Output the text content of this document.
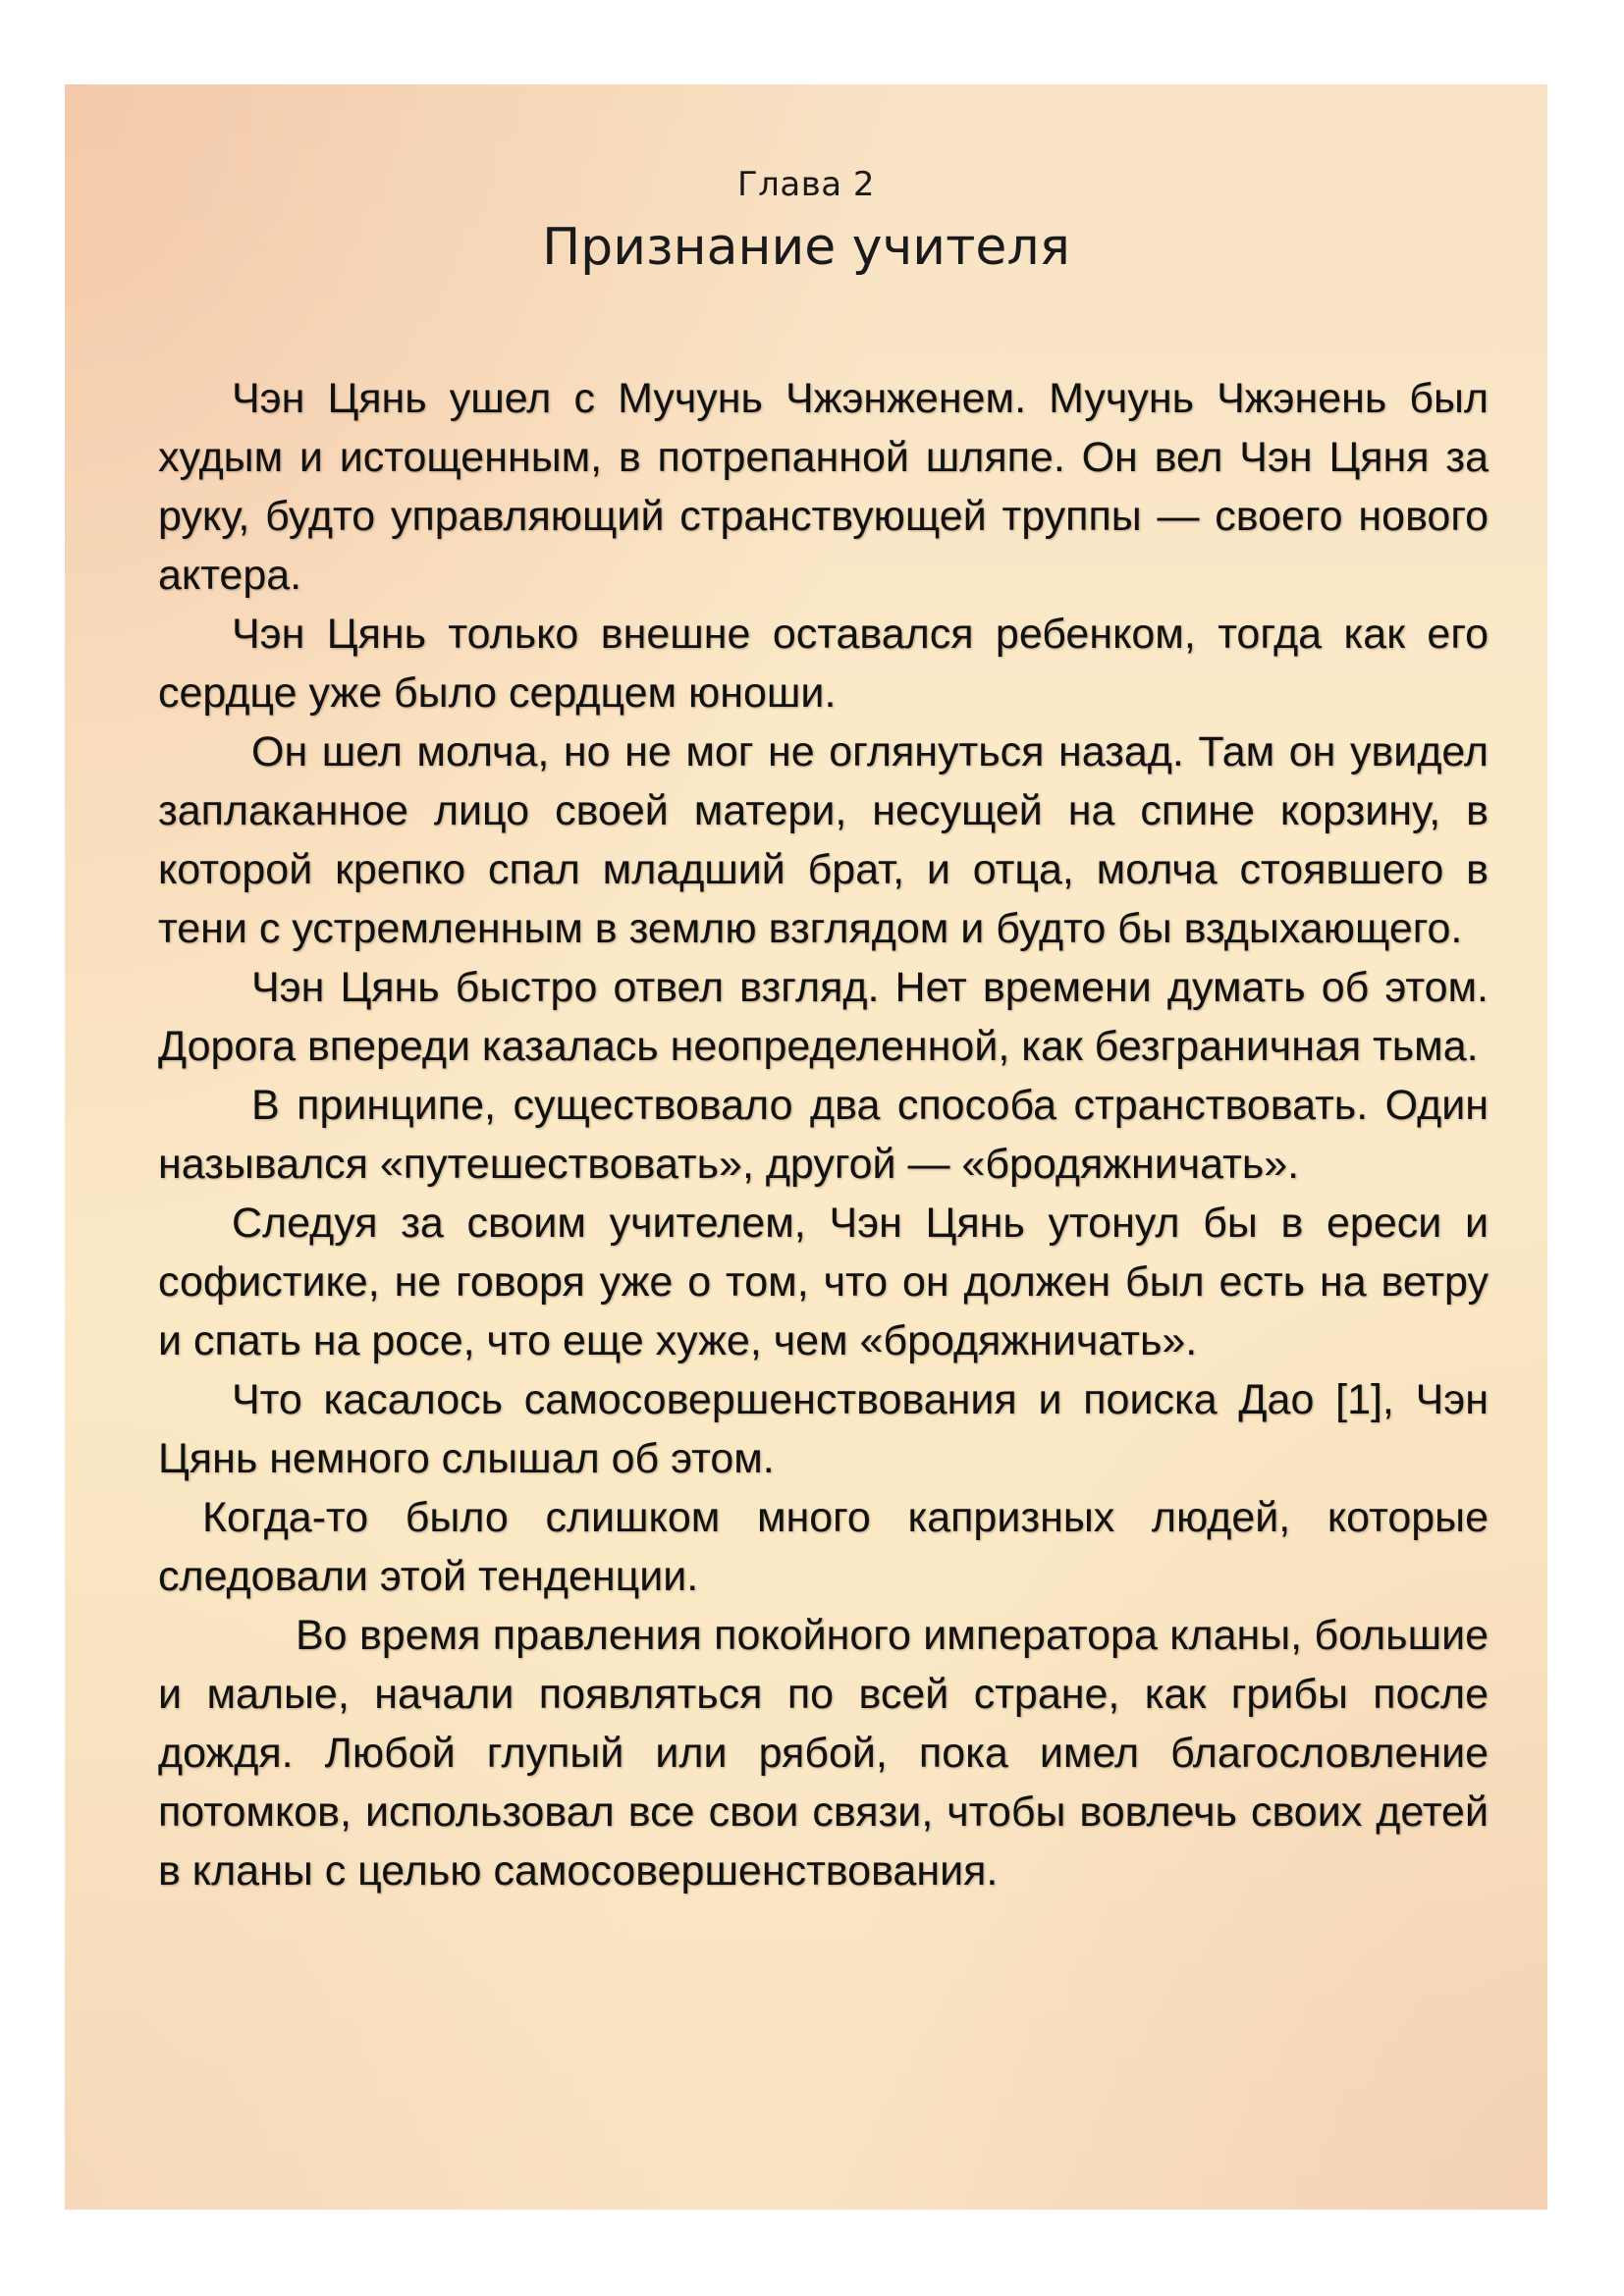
Глава 2
Признание учителя

Чэн Цянь ушел с Мучунь Чжэнженем. Мучунь Чжэнень был худым и истощенным, в потрепанной шляпе. Он вел Чэн Цяня за руку, будто управляющий странствующей труппы — своего нового актера.

Чэн Цянь только внешне оставался ребенком, тогда как его сердце уже было сердцем юноши.

Он шел молча, но не мог не оглянуться назад. Там он увидел заплаканное лицо своей матери, несущей на спине корзину, в которой крепко спал младший брат, и отца, молча стоявшего в тени с устремленным в землю взглядом и будто бы вздыхающего.

Чэн Цянь быстро отвел взгляд. Нет времени думать об этом. Дорога впереди казалась неопределенной, как безграничная тьма.

В принципе, существовало два способа странствовать. Один назывался «путешествовать», другой — «бродяжничать».

Следуя за своим учителем, Чэн Цянь утонул бы в ереси и софистике, не говоря уже о том, что он должен был есть на ветру и спать на росе, что еще хуже, чем «бродяжничать».

Что касалось самосовершенствования и поиска Дао [1], Чэн Цянь немного слышал об этом.

Когда-то было слишком много капризных людей, которые следовали этой тенденции.

Во время правления покойного императора кланы, большие и малые, начали появляться по всей стране, как грибы после дождя. Любой глупый или рябой, пока имел благословление потомков, использовал все свои связи, чтобы вовлечь своих детей в кланы с целью самосовершенствования.
